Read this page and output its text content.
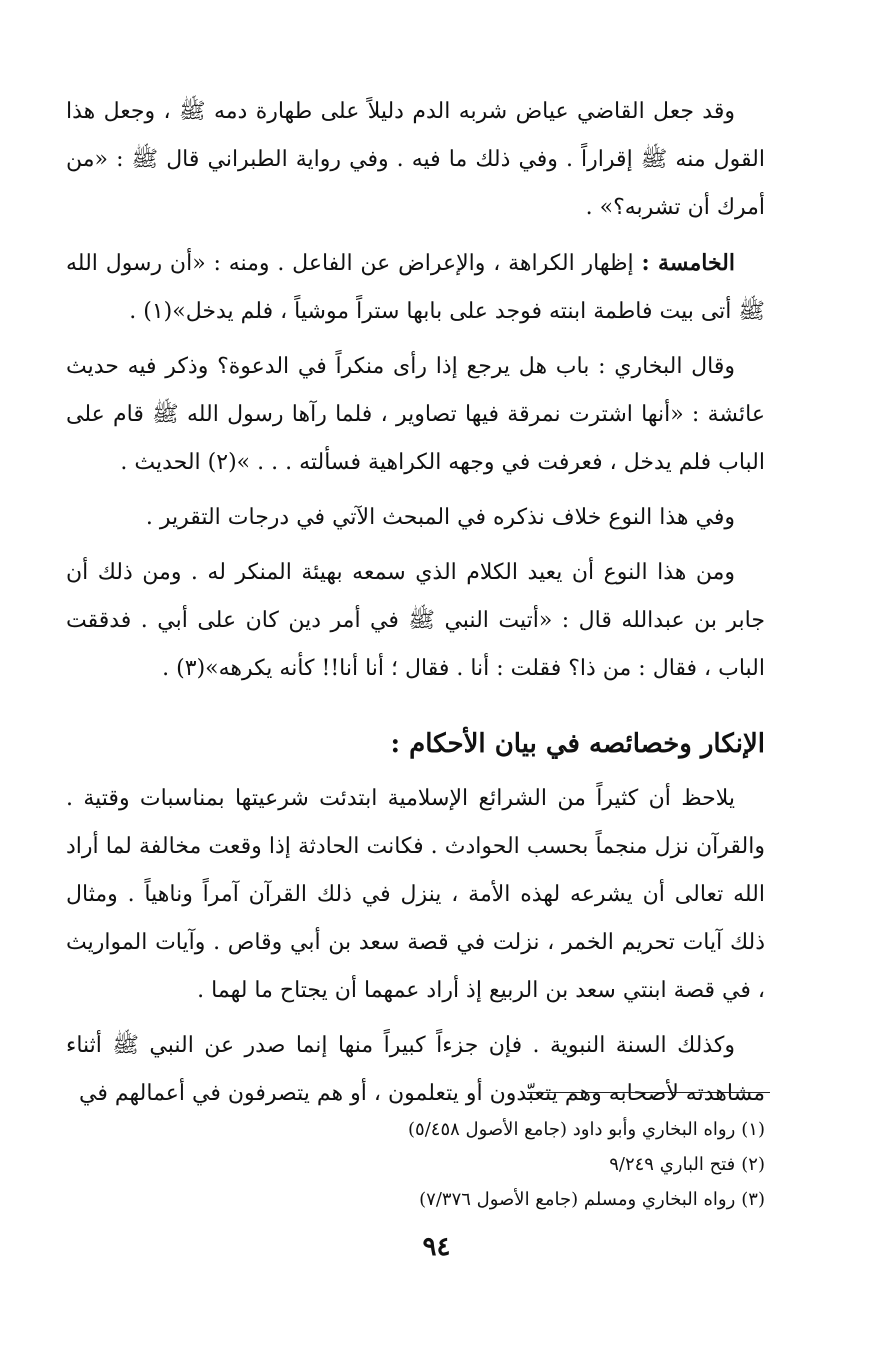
وقد جعل القاضي عياض شربه الدم دليلاً على طهارة دمه ﷺ ، وجعل هذا القول منه ﷺ إقراراً . وفي ذلك ما فيه . وفي رواية الطبراني قال ﷺ : «من أمرك أن تشربه؟» .

الخامسة : إظهار الكراهة ، والإعراض عن الفاعل . ومنه : «أن رسول الله ﷺ أتى بيت فاطمة ابنته فوجد على بابها ستراً موشياً ، فلم يدخل»(١) .

وقال البخاري : باب هل يرجع إذا رأى منكراً في الدعوة؟ وذكر فيه حديث عائشة : «أنها اشترت نمرقة فيها تصاوير ، فلما رآها رسول الله ﷺ قام على الباب فلم يدخل ، فعرفت في وجهه الكراهية فسألته . . . »(٢) الحديث .

وفي هذا النوع خلاف نذكره في المبحث الآتي في درجات التقرير .

ومن هذا النوع أن يعيد الكلام الذي سمعه بهيئة المنكر له . ومن ذلك أن جابر بن عبدالله قال : «أتيت النبي ﷺ في أمر دين كان على أبي . فدققت الباب ، فقال : من ذا؟ فقلت : أنا . فقال ؛ أنا أنا!! كأنه يكرهه»(٣) .

الإنكار وخصائصه في بيان الأحكام :

يلاحظ أن كثيراً من الشرائع الإسلامية ابتدئت شرعيتها بمناسبات وقتية . والقرآن نزل منجماً بحسب الحوادث . فكانت الحادثة إذا وقعت مخالفة لما أراد الله تعالى أن يشرعه لهذه الأمة ، ينزل في ذلك القرآن آمراً وناهياً . ومثال ذلك آيات تحريم الخمر ، نزلت في قصة سعد بن أبي وقاص . وآيات المواريث ، في قصة ابنتي سعد بن الربيع إذ أراد عمهما أن يجتاح ما لهما .

وكذلك السنة النبوية . فإن جزءاً كبيراً منها إنما صدر عن النبي ﷺ أثناء مشاهدته لأصحابه وهم يتعبّدون أو يتعلمون ، أو هم يتصرفون في أعمالهم في

(١)رواه البخاري وأبو داود (جامع الأصول ٥/٤٥٨)
(٢)فتح الباري ٩/٢٤٩
(٣)رواه البخاري ومسلم (جامع الأصول ٧/٣٧٦)
٩٤
